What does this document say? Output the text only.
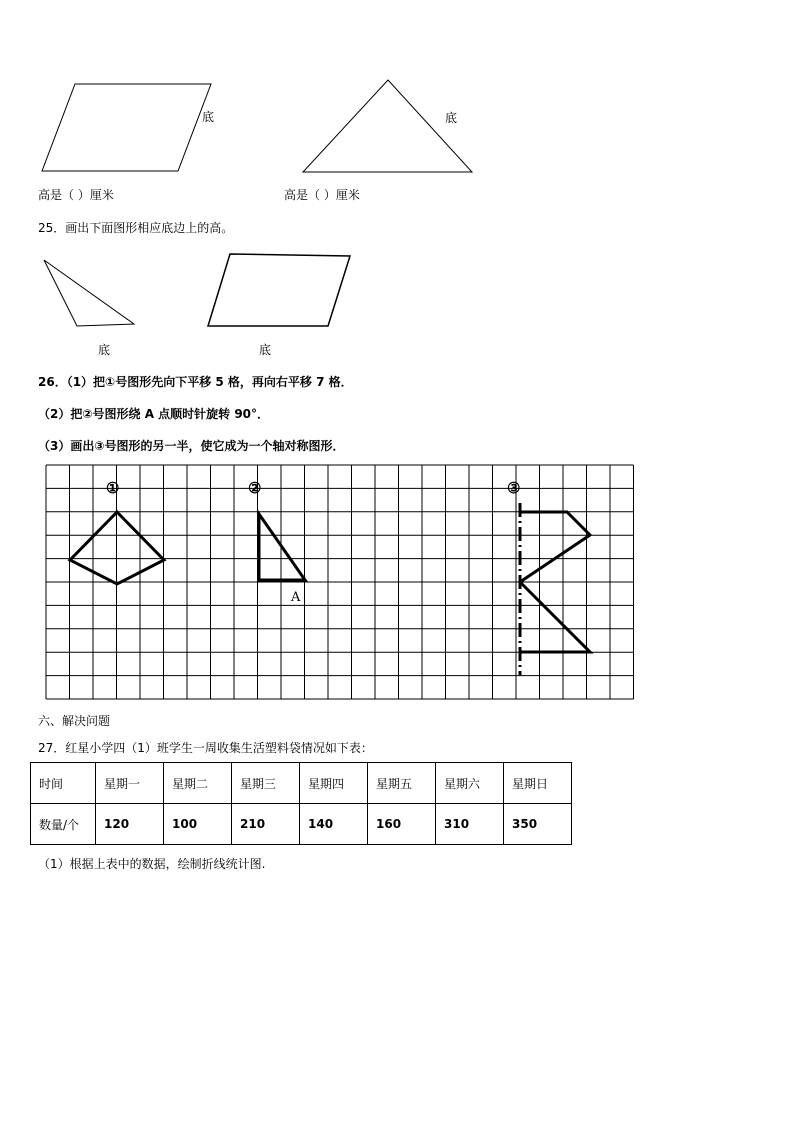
底	底
高是（ ）厘米	高是（ ）厘米
25．画出下面图形相应底边上的高。
底	底
26．（1）把①号图形先向下平移 5 格，再向右平移 7 格．
（2）把②号图形绕 A 点顺时针旋转 90°．
（3）画出③号图形的另一半，使它成为一个轴对称图形．
①	②	③
A
六、解决问题
27．红星小学四（1）班学生一周收集生活塑料袋情况如下表：
时间	星期一	星期二	星期三	星期四	星期五	星期六	星期日
数量/个	120	100	210	140	160	310	350
（1）根据上表中的数据，绘制折线统计图.
